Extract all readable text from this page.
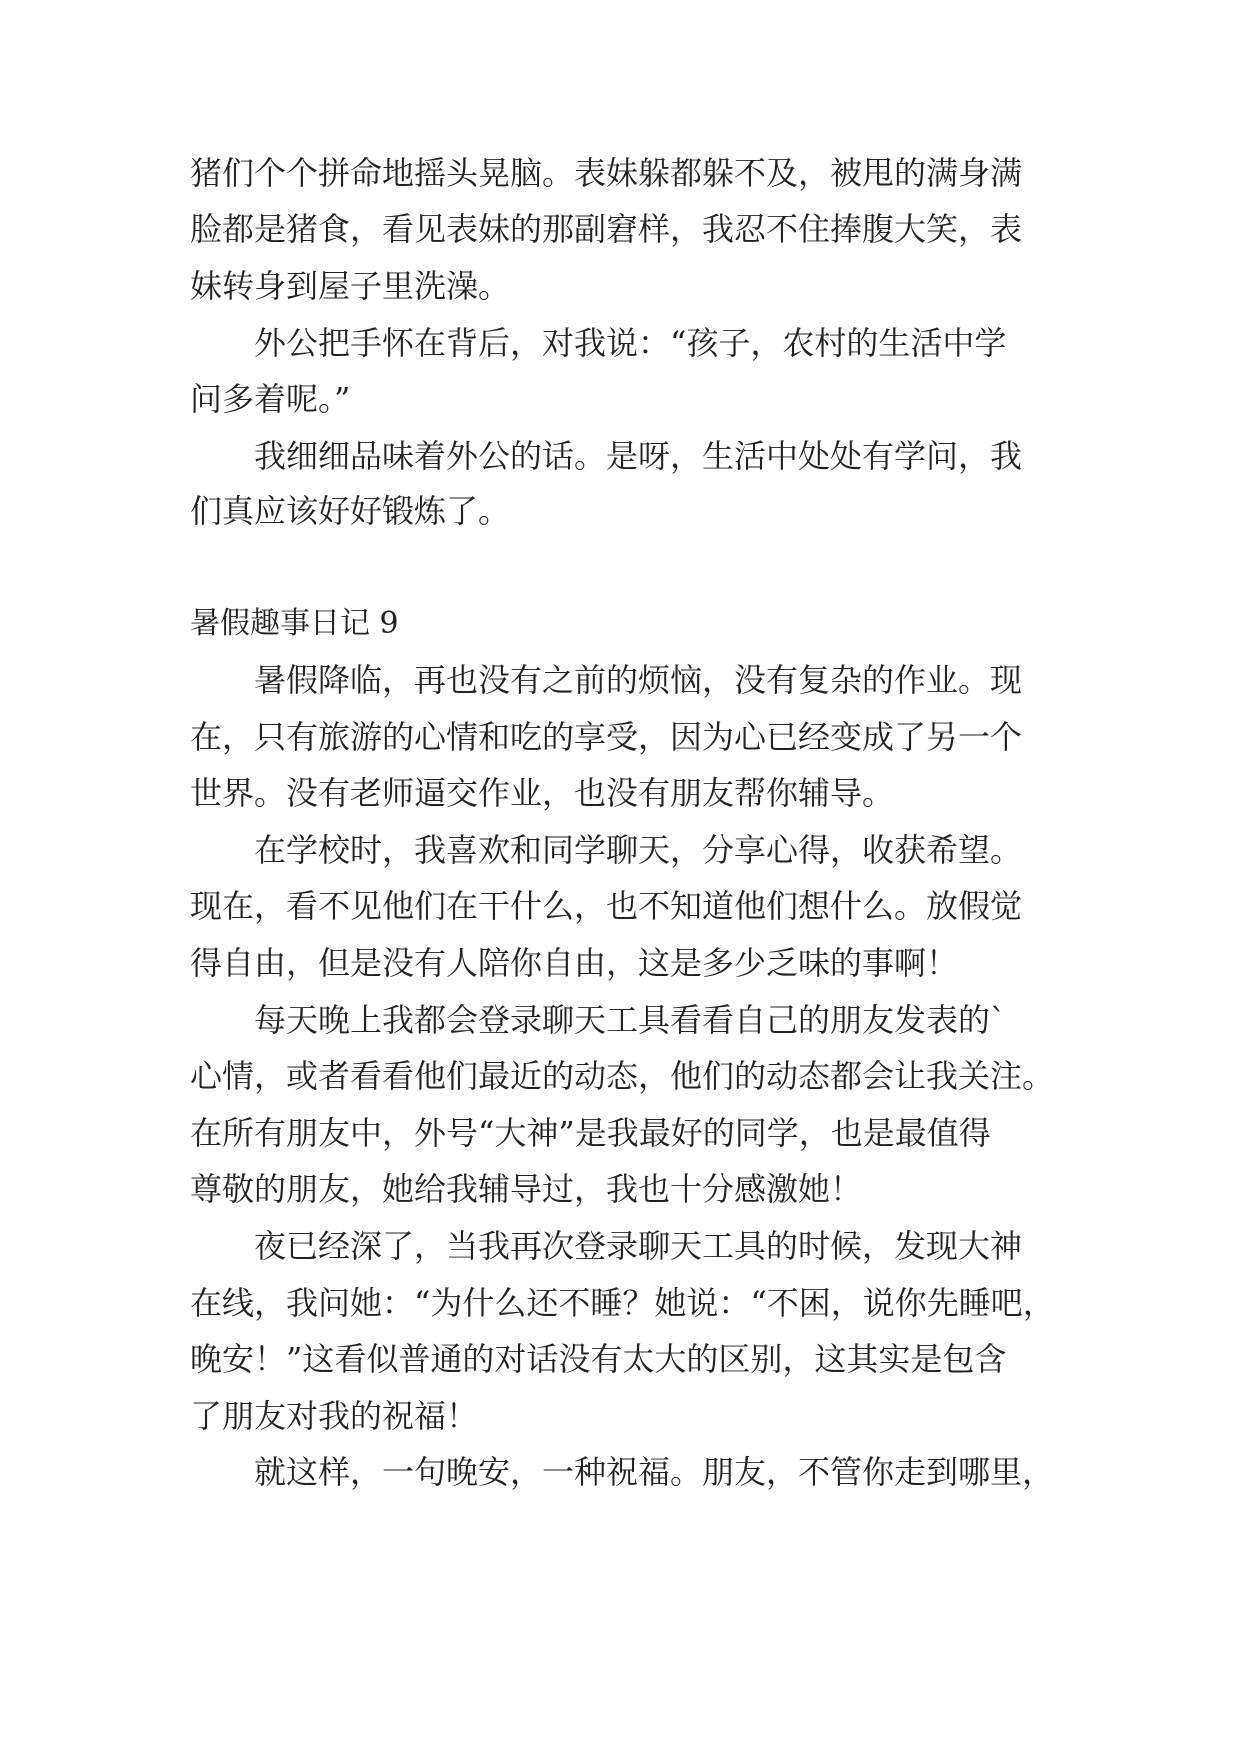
猪们个个拼命地摇头晃脑。表妹躲都躲不及，被甩的满身满
脸都是猪食，看见表妹的那副窘样，我忍不住捧腹大笑，表
妹转身到屋子里洗澡。
　　外公把手怀在背后，对我说：“孩子，农村的生活中学
问多着呢。”
　　我细细品味着外公的话。是呀，生活中处处有学问，我
们真应该好好锻炼了。
暑假趣事日记 9
　　暑假降临，再也没有之前的烦恼，没有复杂的作业。现
在，只有旅游的心情和吃的享受，因为心已经变成了另一个
世界。没有老师逼交作业，也没有朋友帮你辅导。
　　在学校时，我喜欢和同学聊天，分享心得，收获希望。
现在，看不见他们在干什么，也不知道他们想什么。放假觉
得自由，但是没有人陪你自由，这是多少乏味的事啊！
　　每天晚上我都会登录聊天工具看看自己的朋友发表的`
心情，或者看看他们最近的动态，他们的动态都会让我关注。
在所有朋友中，外号“大神”是我最好的同学，也是最值得
尊敬的朋友，她给我辅导过，我也十分感激她！
　　夜已经深了，当我再次登录聊天工具的时候，发现大神
在线，我问她：“为什么还不睡？她说：“不困，说你先睡吧，
晚安！”这看似普通的对话没有太大的区别，这其实是包含
了朋友对我的祝福！
　　就这样，一句晚安，一种祝福。朋友，不管你走到哪里，
